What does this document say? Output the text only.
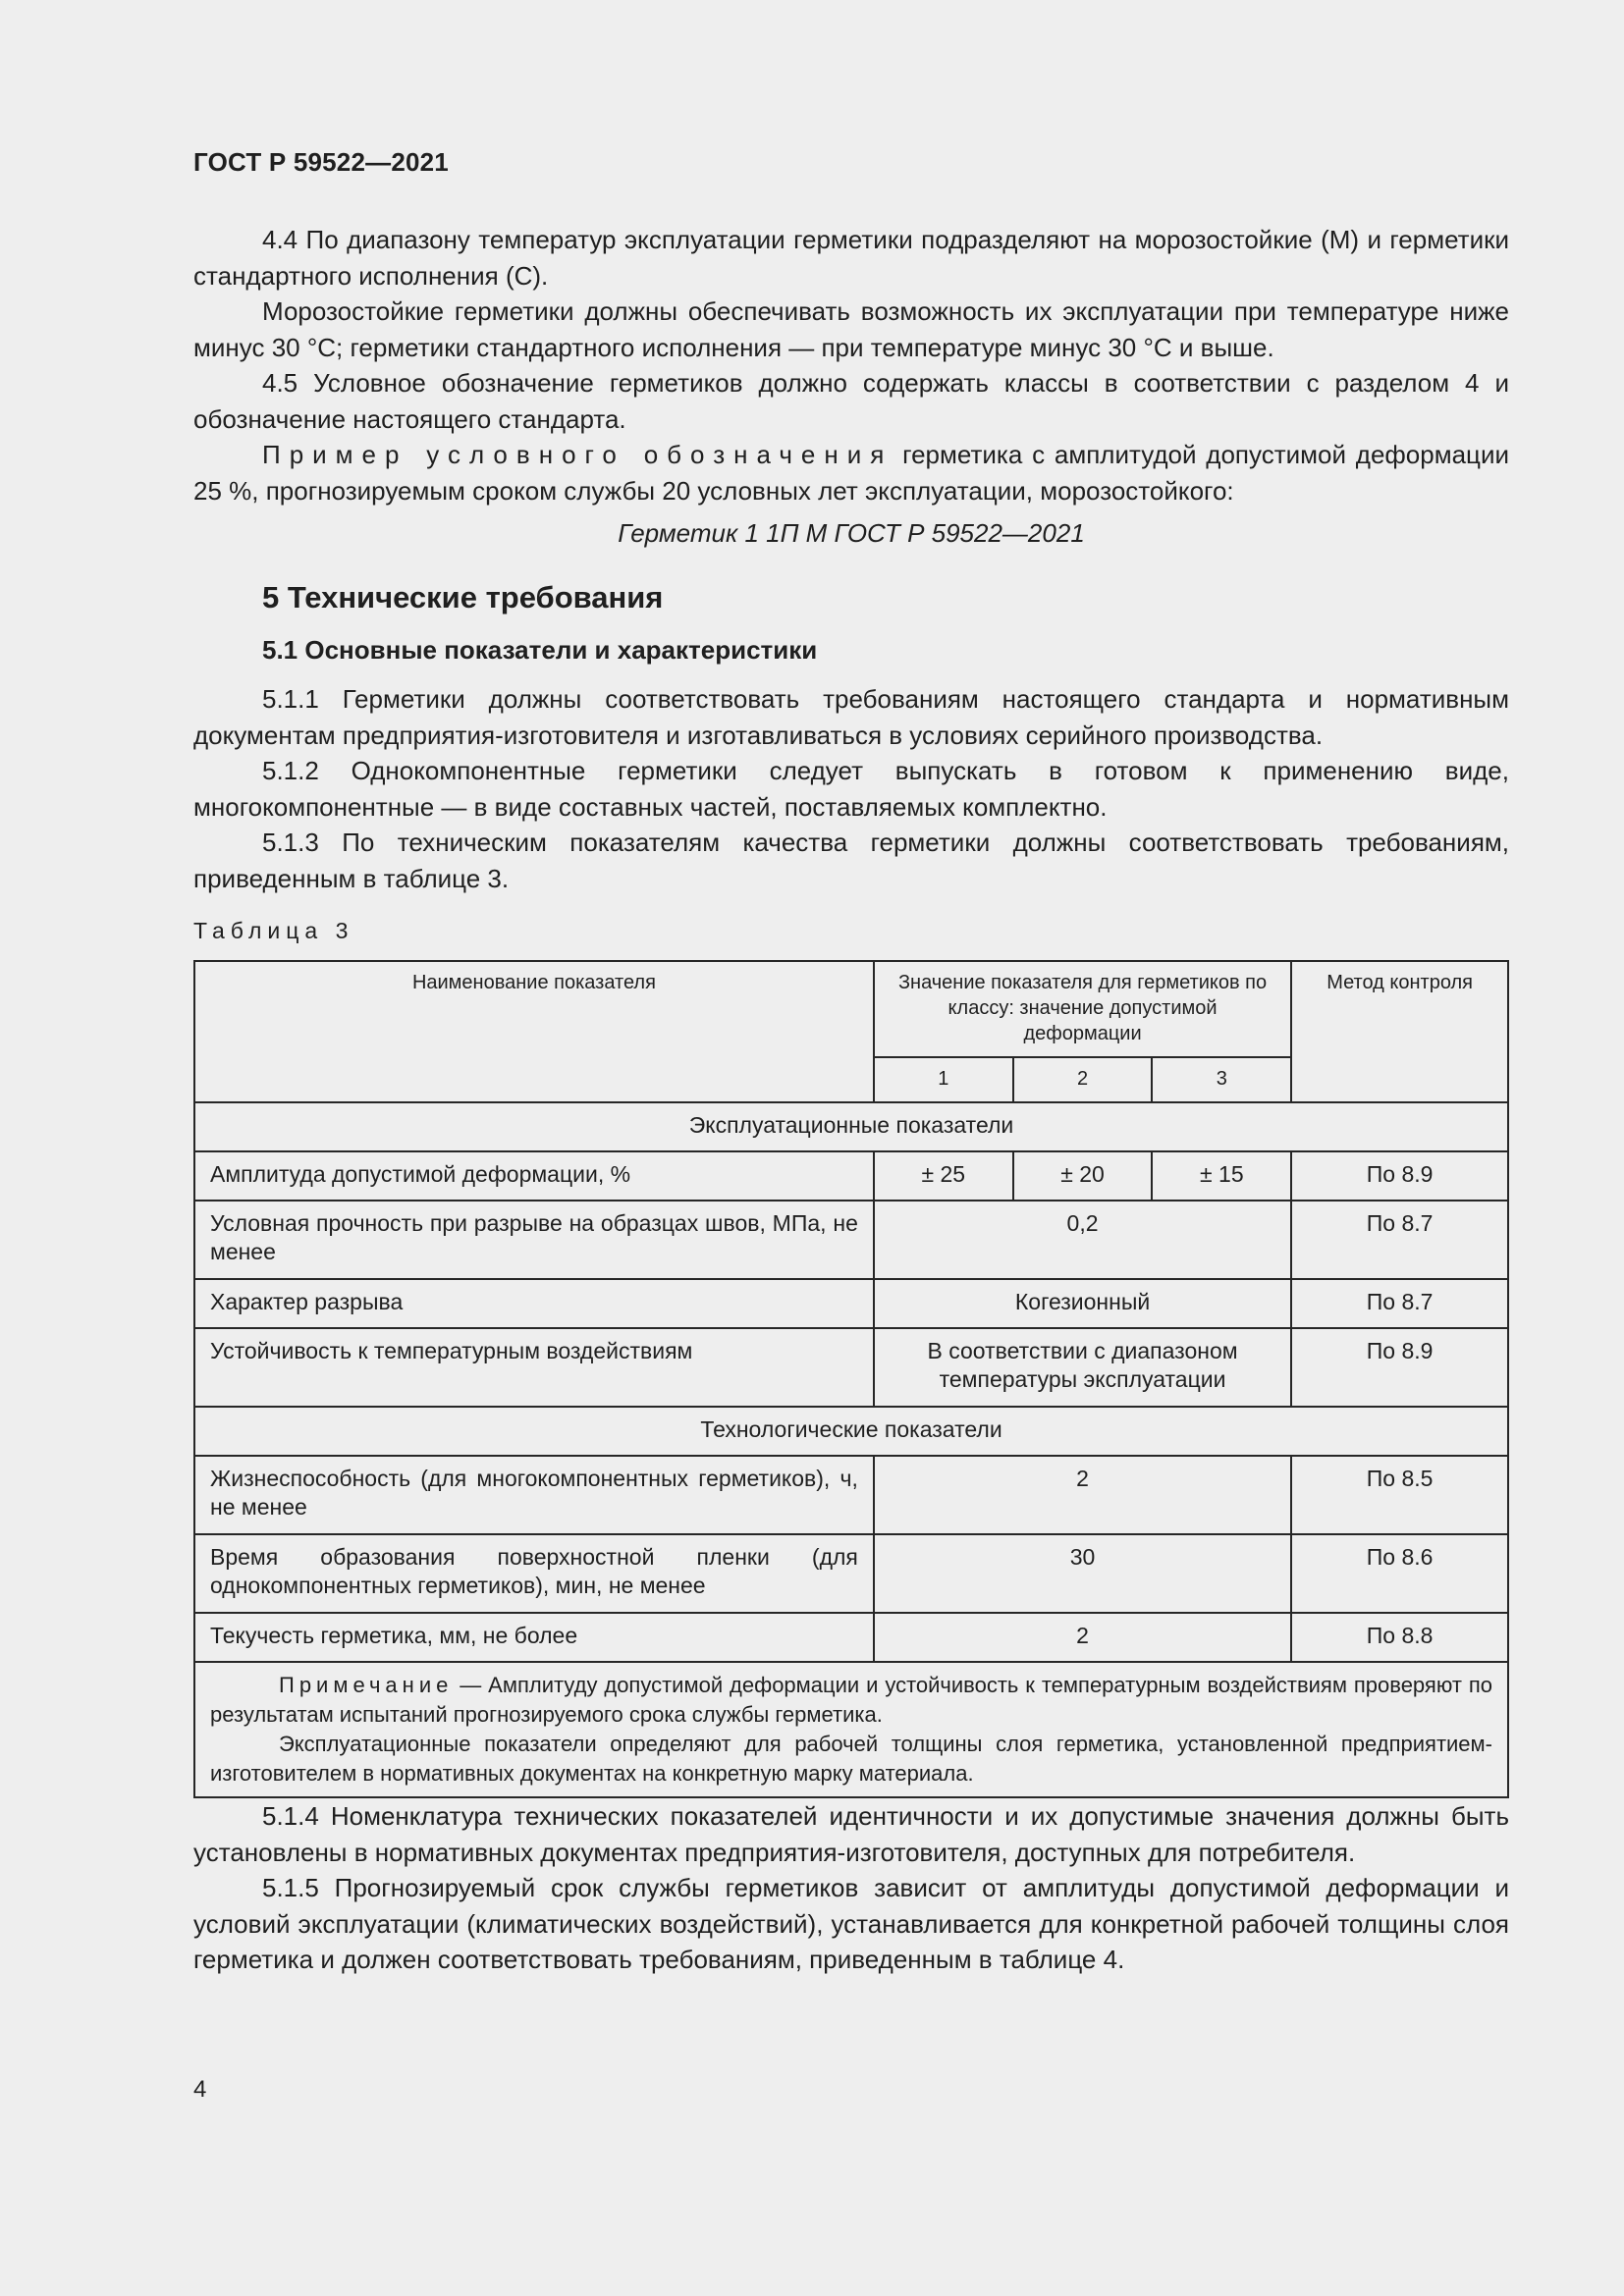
ГОСТ Р 59522—2021

4.4 По диапазону температур эксплуатации герметики подразделяют на морозостойкие (М) и герметики стандартного исполнения (С).

Морозостойкие герметики должны обеспечивать возможность их эксплуатации при температуре ниже минус 30 °С; герметики стандартного исполнения — при температуре минус 30 °С и выше.

4.5 Условное обозначение герметиков должно содержать классы в соответствии с разделом 4 и обозначение настоящего стандарта.

Пример условного обозначения герметика с амплитудой допустимой деформации 25 %, прогнозируемым сроком службы 20 условных лет эксплуатации, морозостойкого:

Герметик 1 1П М ГОСТ Р 59522—2021
5 Технические требования
5.1 Основные показатели и характеристики

5.1.1 Герметики должны соответствовать требованиям настоящего стандарта и нормативным документам предприятия-изготовителя и изготавливаться в условиях серийного производства.

5.1.2 Однокомпонентные герметики следует выпускать в готовом к применению виде, многокомпонентные — в виде составных частей, поставляемых комплектно.

5.1.3 По техническим показателям качества герметики должны соответствовать требованиям, приведенным в таблице 3.

Таблица 3
Наименование показателя	Значение показателя для герметиков по классу: значение допустимой деформации			Метод контроля
	1	2	3	
Эксплуатационные показатели				
Амплитуда допустимой деформации, %	± 25	± 20	± 15	По 8.9
Условная прочность при разрыве на образцах швов, МПа, не менее	0,2			По 8.7
Характер разрыва	Когезионный			По 8.7
Устойчивость к температурным воздействиям	В соответствии с диапазоном температуры эксплуатации			По 8.9
Технологические показатели				
Жизнеспособность (для многокомпонентных герметиков), ч, не менее	2			По 8.5
Время образования поверхностной пленки (для однокомпонентных герметиков), мин, не менее	30			По 8.6
Текучесть герметика, мм, не более	2			По 8.8

Примечание — Амплитуду допустимой деформации и устойчивость к температурным воздействиям проверяют по результатам испытаний прогнозируемого срока службы герметика.

Эксплуатационные показатели определяют для рабочей толщины слоя герметика, установленной предприятием-изготовителем в нормативных документах на конкретную марку материала.				

5.1.4 Номенклатура технических показателей идентичности и их допустимые значения должны быть установлены в нормативных документах предприятия-изготовителя, доступных для потребителя.

5.1.5 Прогнозируемый срок службы герметиков зависит от амплитуды допустимой деформации и условий эксплуатации (климатических воздействий), устанавливается для конкретной рабочей толщины слоя герметика и должен соответствовать требованиям, приведенным в таблице 4.

4
